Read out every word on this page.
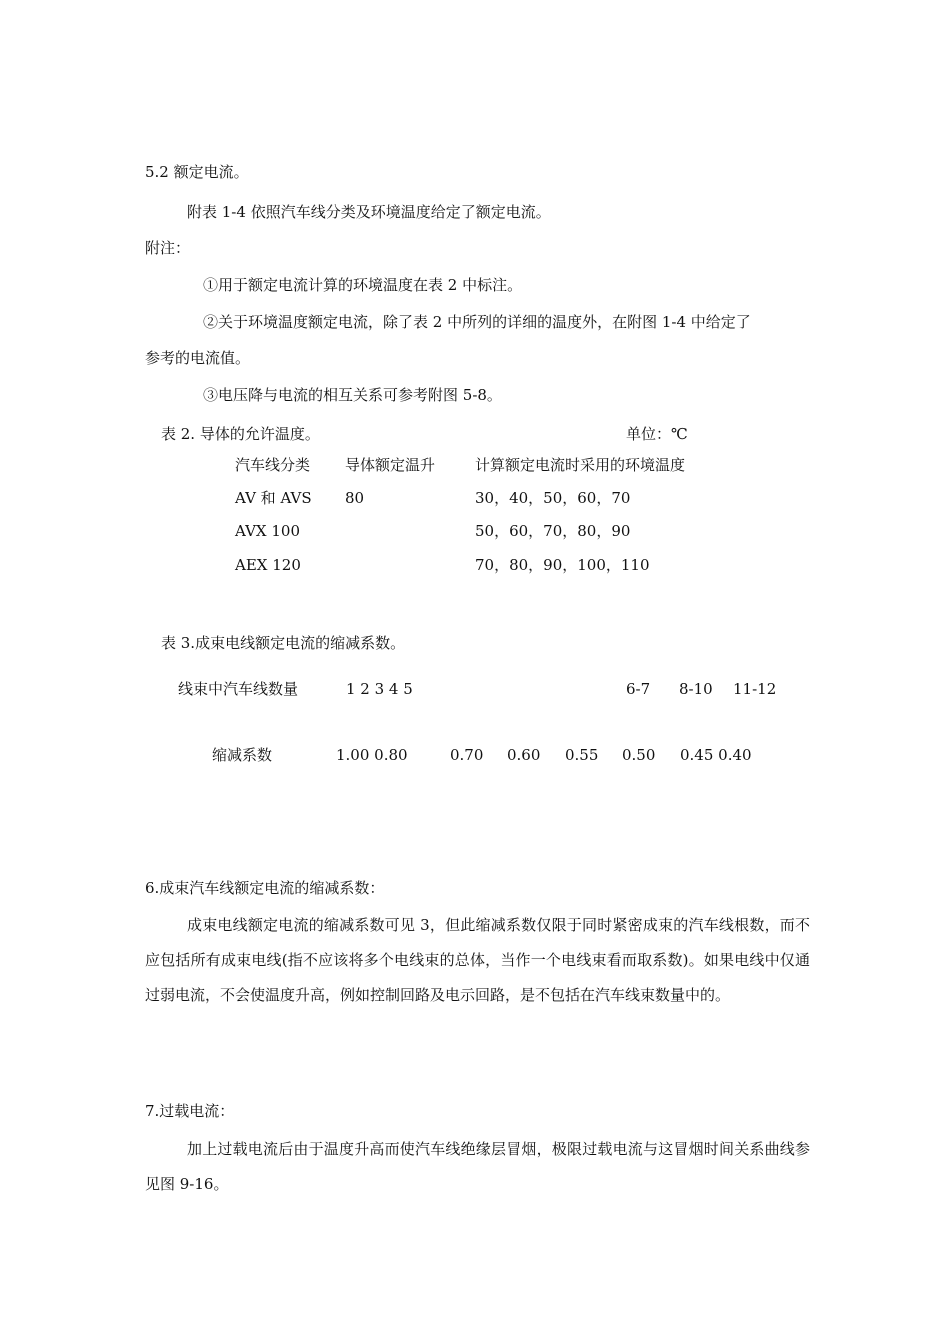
5.2 额定电流。
附表 1-4 依照汽车线分类及环境温度给定了额定电流。
附注：
①用于额定电流计算的环境温度在表 2 中标注。
②关于环境温度额定电流，除了表 2 中所列的详细的温度外，在附图 1-4 中给定了
参考的电流值。
③电压降与电流的相互关系可参考附图 5-8。
表 2. 导体的允许温度。	单位：℃
汽车线分类 导体额定温升	计算额定电流时采用的环境温度
AV 和 AVS 80	30，40，50，60，70
AVX 100	50，60，70，80，90
AEX 120	70，80，90，100，110
表 3.成束电线额定电流的缩减系数。
线束中汽车线数量	1 2 3 4 5	6-7 8-10 11-12
缩减系数	1.00 0.80	0.70 0.60 0.55 0.50 0.45 0.40
6.成束汽车线额定电流的缩减系数：
成束电线额定电流的缩减系数可见 3，但此缩减系数仅限于同时紧密成束的汽车线根数，而不应包括所有成束电线(指不应该将多个电线束的总体，当作一个电线束看而取系数)。如果电线中仅通过弱电流，不会使温度升高，例如控制回路及电示回路，是不包括在汽车线束数量中的。
7.过载电流：
加上过载电流后由于温度升高而使汽车线绝缘层冒烟，极限过载电流与这冒烟时间关系曲线参见图 9-16。
